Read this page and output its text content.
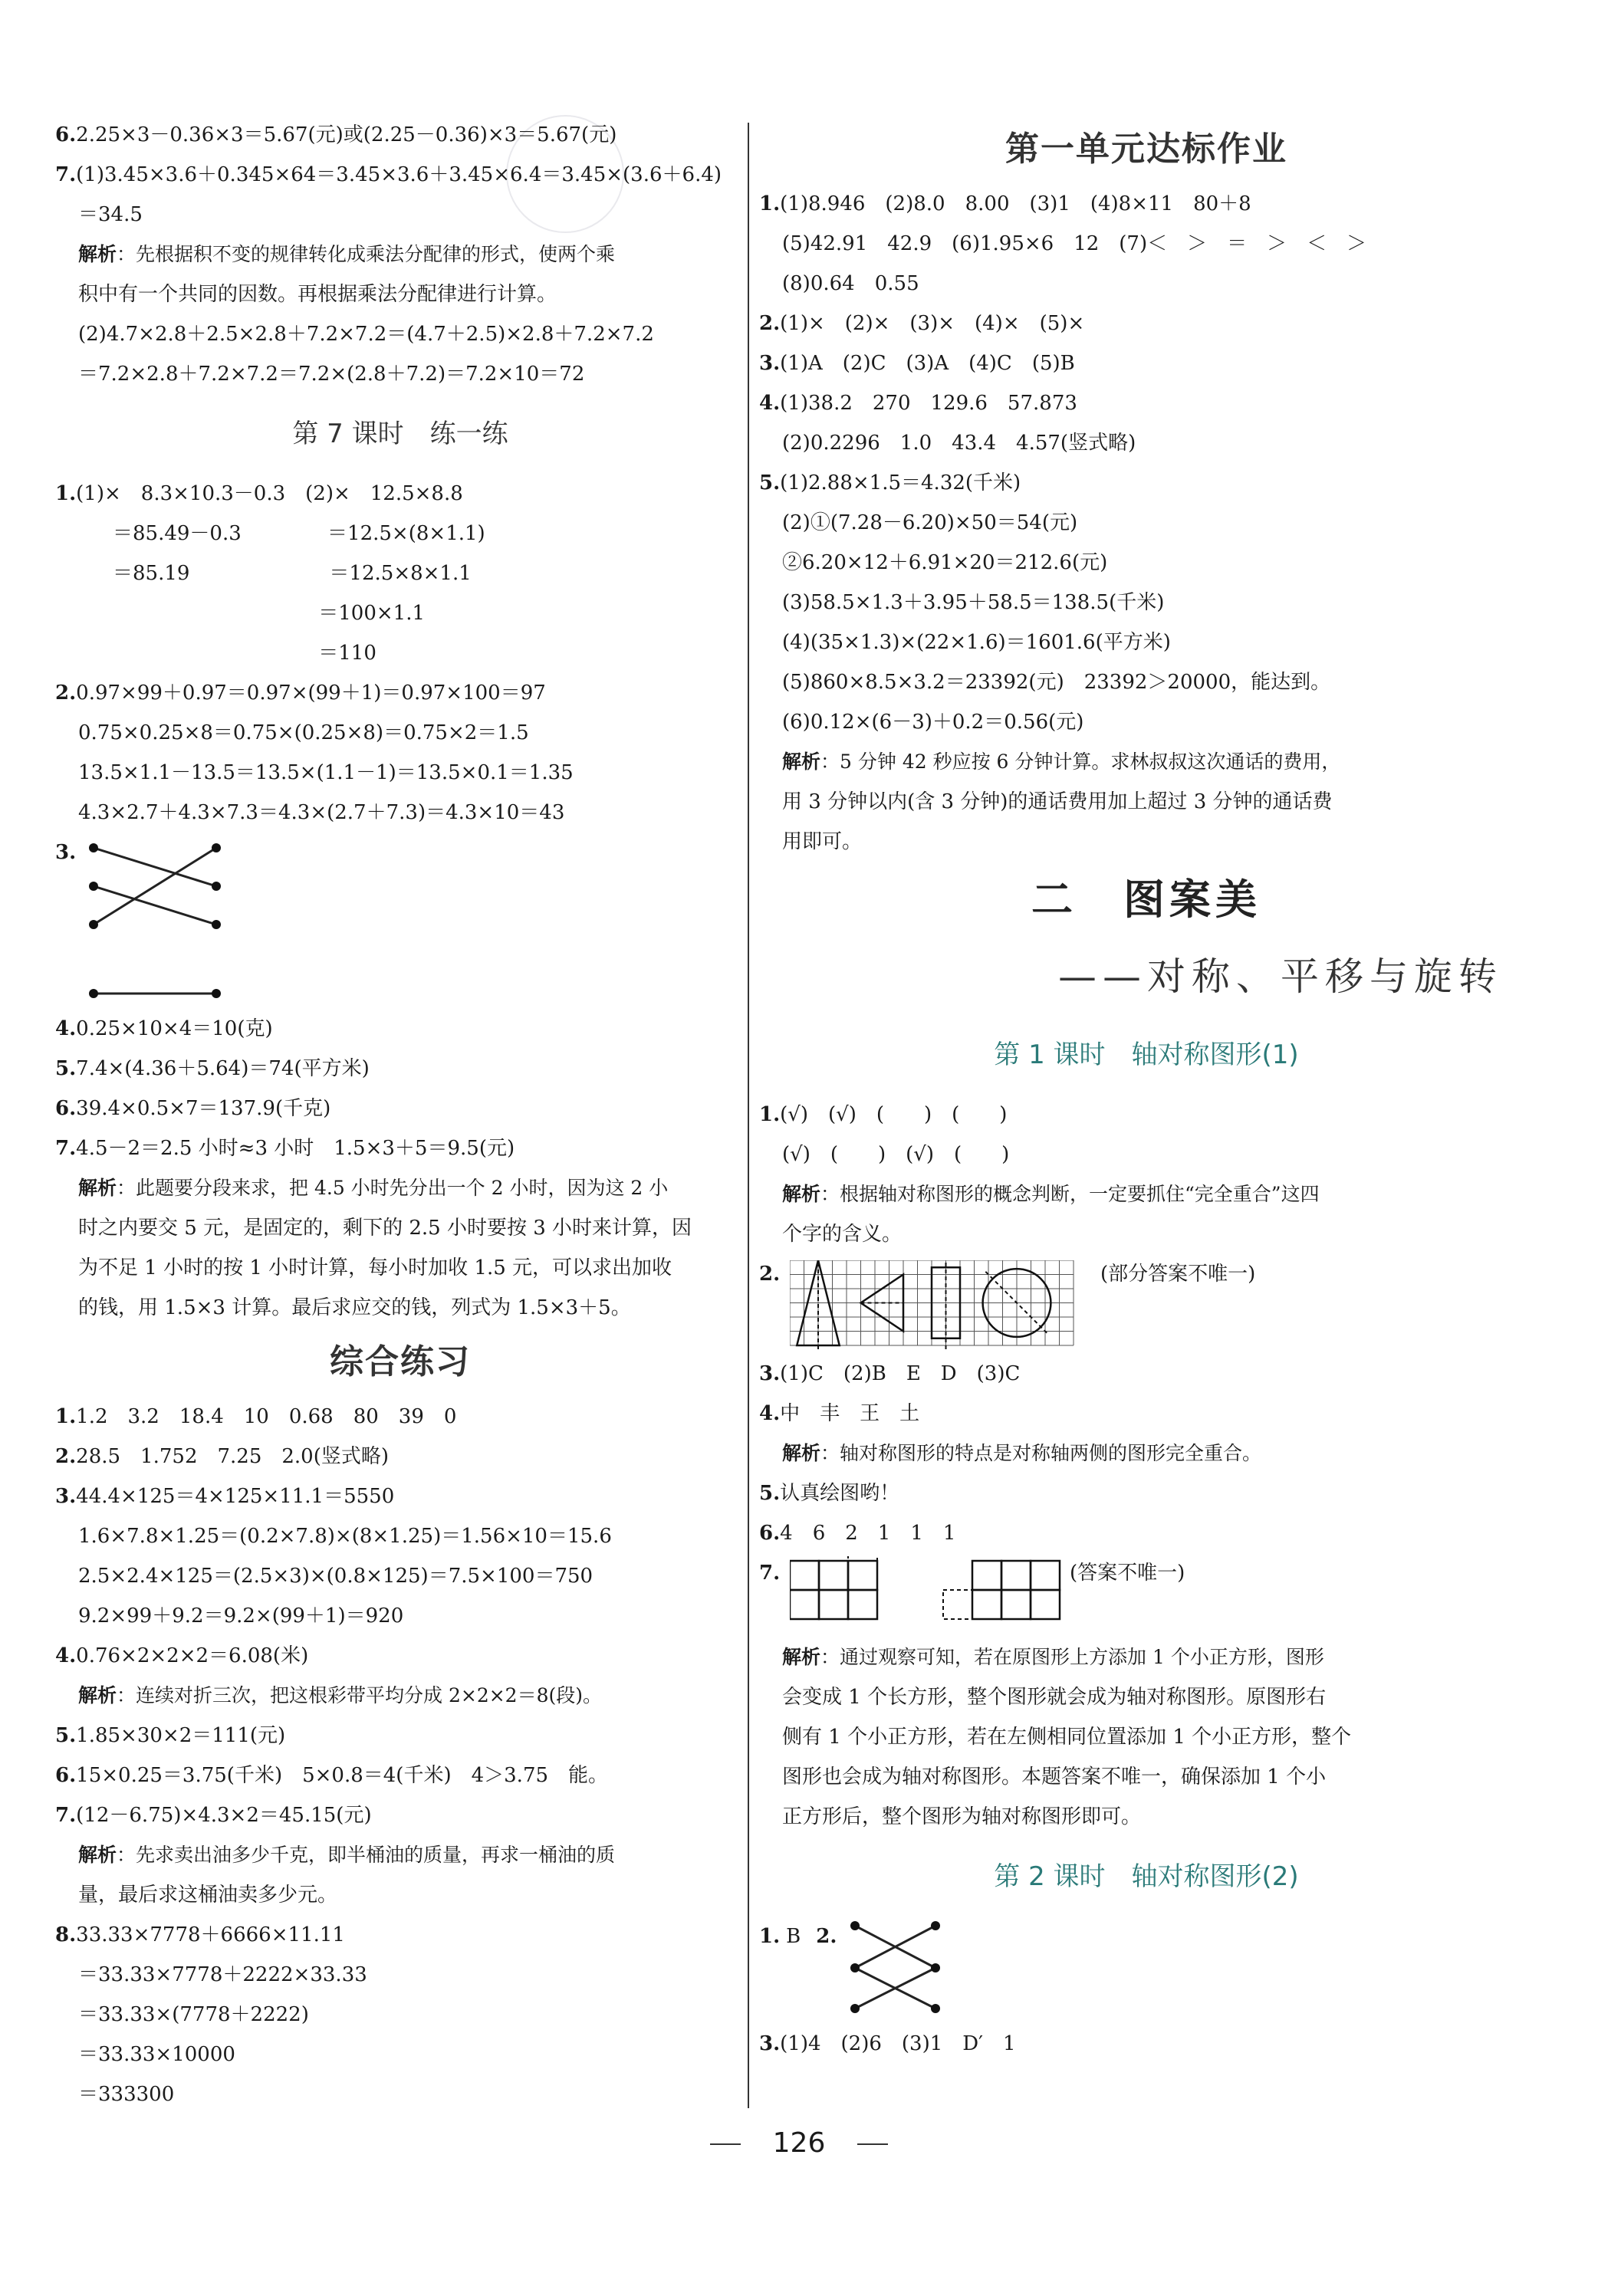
6.2.25×3－0.36×3＝5.67(元)或(2.25－0.36)×3＝5.67(元)
7.(1)3.45×3.6＋0.345×64＝3.45×3.6＋3.45×6.4＝3.45×(3.6＋6.4)
＝34.5
解析：先根据积不变的规律转化成乘法分配律的形式，使两个乘
积中有一个共同的因数。再根据乘法分配律进行计算。
(2)4.7×2.8＋2.5×2.8＋7.2×7.2＝(4.7＋2.5)×2.8＋7.2×7.2
＝7.2×2.8＋7.2×7.2＝7.2×(2.8＋7.2)＝7.2×10＝72
第 7 课时　练一练
1.(1)×　8.3×10.3－0.3　(2)×　12.5×8.8
＝85.49－0.3　　　　 ＝12.5×(8×1.1)
＝85.19　　　　　　　＝12.5×8×1.1
　　　　　　　　　　 ＝100×1.1
　　　　　　　　　　 ＝110
2.0.97×99＋0.97＝0.97×(99＋1)＝0.97×100＝97
0.75×0.25×8＝0.75×(0.25×8)＝0.75×2＝1.5
13.5×1.1－13.5＝13.5×(1.1－1)＝13.5×0.1＝1.35
4.3×2.7＋4.3×7.3＝4.3×(2.7＋7.3)＝4.3×10＝43
3.
4.0.25×10×4＝10(克)
5.7.4×(4.36＋5.64)＝74(平方米)
6.39.4×0.5×7＝137.9(千克)
7.4.5－2＝2.5 小时≈3 小时　1.5×3＋5＝9.5(元)
解析：此题要分段来求，把 4.5 小时先分出一个 2 小时，因为这 2 小
时之内要交 5 元，是固定的，剩下的 2.5 小时要按 3 小时来计算，因
为不足 1 小时的按 1 小时计算，每小时加收 1.5 元，可以求出加收
的钱，用 1.5×3 计算。最后求应交的钱，列式为 1.5×3＋5。
综合练习
1.1.2　3.2　18.4　10　0.68　80　39　0
2.28.5　1.752　7.25　2.0(竖式略)
3.44.4×125＝4×125×11.1＝5550
1.6×7.8×1.25＝(0.2×7.8)×(8×1.25)＝1.56×10＝15.6
2.5×2.4×125＝(2.5×3)×(0.8×125)＝7.5×100＝750
9.2×99＋9.2＝9.2×(99＋1)＝920
4.0.76×2×2×2＝6.08(米)
解析：连续对折三次，把这根彩带平均分成 2×2×2＝8(段)。
5.1.85×30×2＝111(元)
6.15×0.25＝3.75(千米)　5×0.8＝4(千米)　4＞3.75　能。
7.(12－6.75)×4.3×2＝45.15(元)
解析：先求卖出油多少千克，即半桶油的质量，再求一桶油的质
量，最后求这桶油卖多少元。
8.33.33×7778＋6666×11.11
＝33.33×7778＋2222×33.33
＝33.33×(7778＋2222)
＝33.33×10000
＝333300
第一单元达标作业
1.(1)8.946　(2)8.0　8.00　(3)1　(4)8×11　80＋8
(5)42.91　42.9　(6)1.95×6　12　(7)＜　＞　＝　＞　＜　＞
(8)0.64　0.55
2.(1)×　(2)×　(3)×　(4)×　(5)×
3.(1)A　(2)C　(3)A　(4)C　(5)B
4.(1)38.2　270　129.6　57.873
(2)0.2296　1.0　43.4　4.57(竖式略)
5.(1)2.88×1.5＝4.32(千米)
(2)①(7.28－6.20)×50＝54(元)
②6.20×12＋6.91×20＝212.6(元)
(3)58.5×1.3＋3.95＋58.5＝138.5(千米)
(4)(35×1.3)×(22×1.6)＝1601.6(平方米)
(5)860×8.5×3.2＝23392(元)　23392＞20000，能达到。
(6)0.12×(6－3)＋0.2＝0.56(元)
解析：5 分钟 42 秒应按 6 分钟计算。求林叔叔这次通话的费用，
用 3 分钟以内(含 3 分钟)的通话费用加上超过 3 分钟的通话费
用即可。
二　图案美
——对称、平移与旋转
第 1 课时　轴对称图形(1)
1.(√)　(√)　(　　)　(　　)
(√)　(　　)　(√)　(　　)
解析：根据轴对称图形的概念判断，一定要抓住“完全重合”这四
个字的含义。
2.	(部分答案不唯一)
3.(1)C　(2)B　E　D　(3)C
4.中　丰　王　土
解析：轴对称图形的特点是对称轴两侧的图形完全重合。
5.认真绘图哟！
6.4　6　2　1　1　1
7.	(答案不唯一)
解析：通过观察可知，若在原图形上方添加 1 个小正方形，图形
会变成 1 个长方形，整个图形就会成为轴对称图形。原图形右
侧有 1 个小正方形，若在左侧相同位置添加 1 个小正方形，整个
图形也会成为轴对称图形。本题答案不唯一，确保添加 1 个小
正方形后，整个图形为轴对称图形即可。
第 2 课时　轴对称图形(2)
1. B 2.
3.(1)4　(2)6　(3)1　D′　1
126
